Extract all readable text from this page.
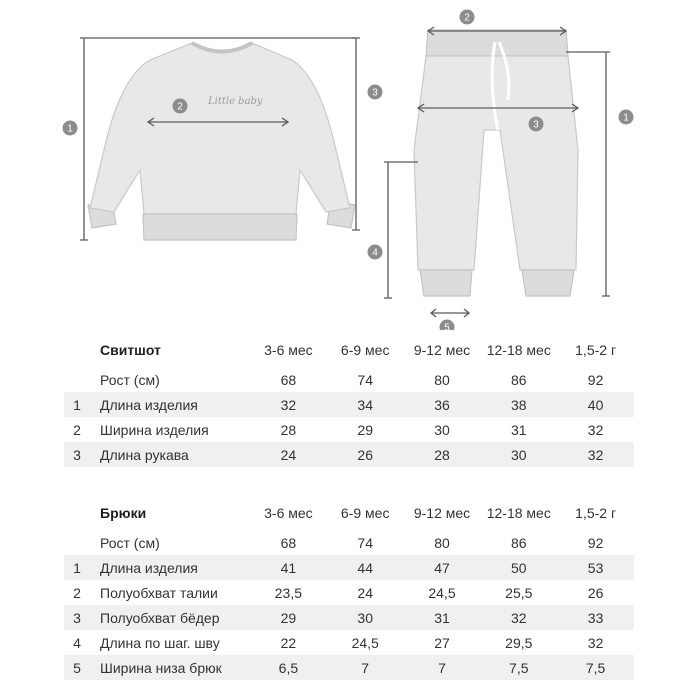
Little baby
1
2
3
2
3
1
4
5
	Свитшот	3-6 мес	6-9 мес	9-12 мес	12-18 мес	1,5-2 г
	Рост (см)	68	74	80	86	92
1	Длина изделия	32	34	36	38	40
2	Ширина изделия	28	29	30	31	32
3	Длина рукава	24	26	28	30	32
	Брюки	3-6 мес	6-9 мес	9-12 мес	12-18 мес	1,5-2 г
	Рост (см)	68	74	80	86	92
1	Длина изделия	41	44	47	50	53
2	Полуобхват талии	23,5	24	24,5	25,5	26
3	Полуобхват бёдер	29	30	31	32	33
4	Длина по шаг. шву	22	24,5	27	29,5	32
5	Ширина низа брюк	6,5	7	7	7,5	7,5
